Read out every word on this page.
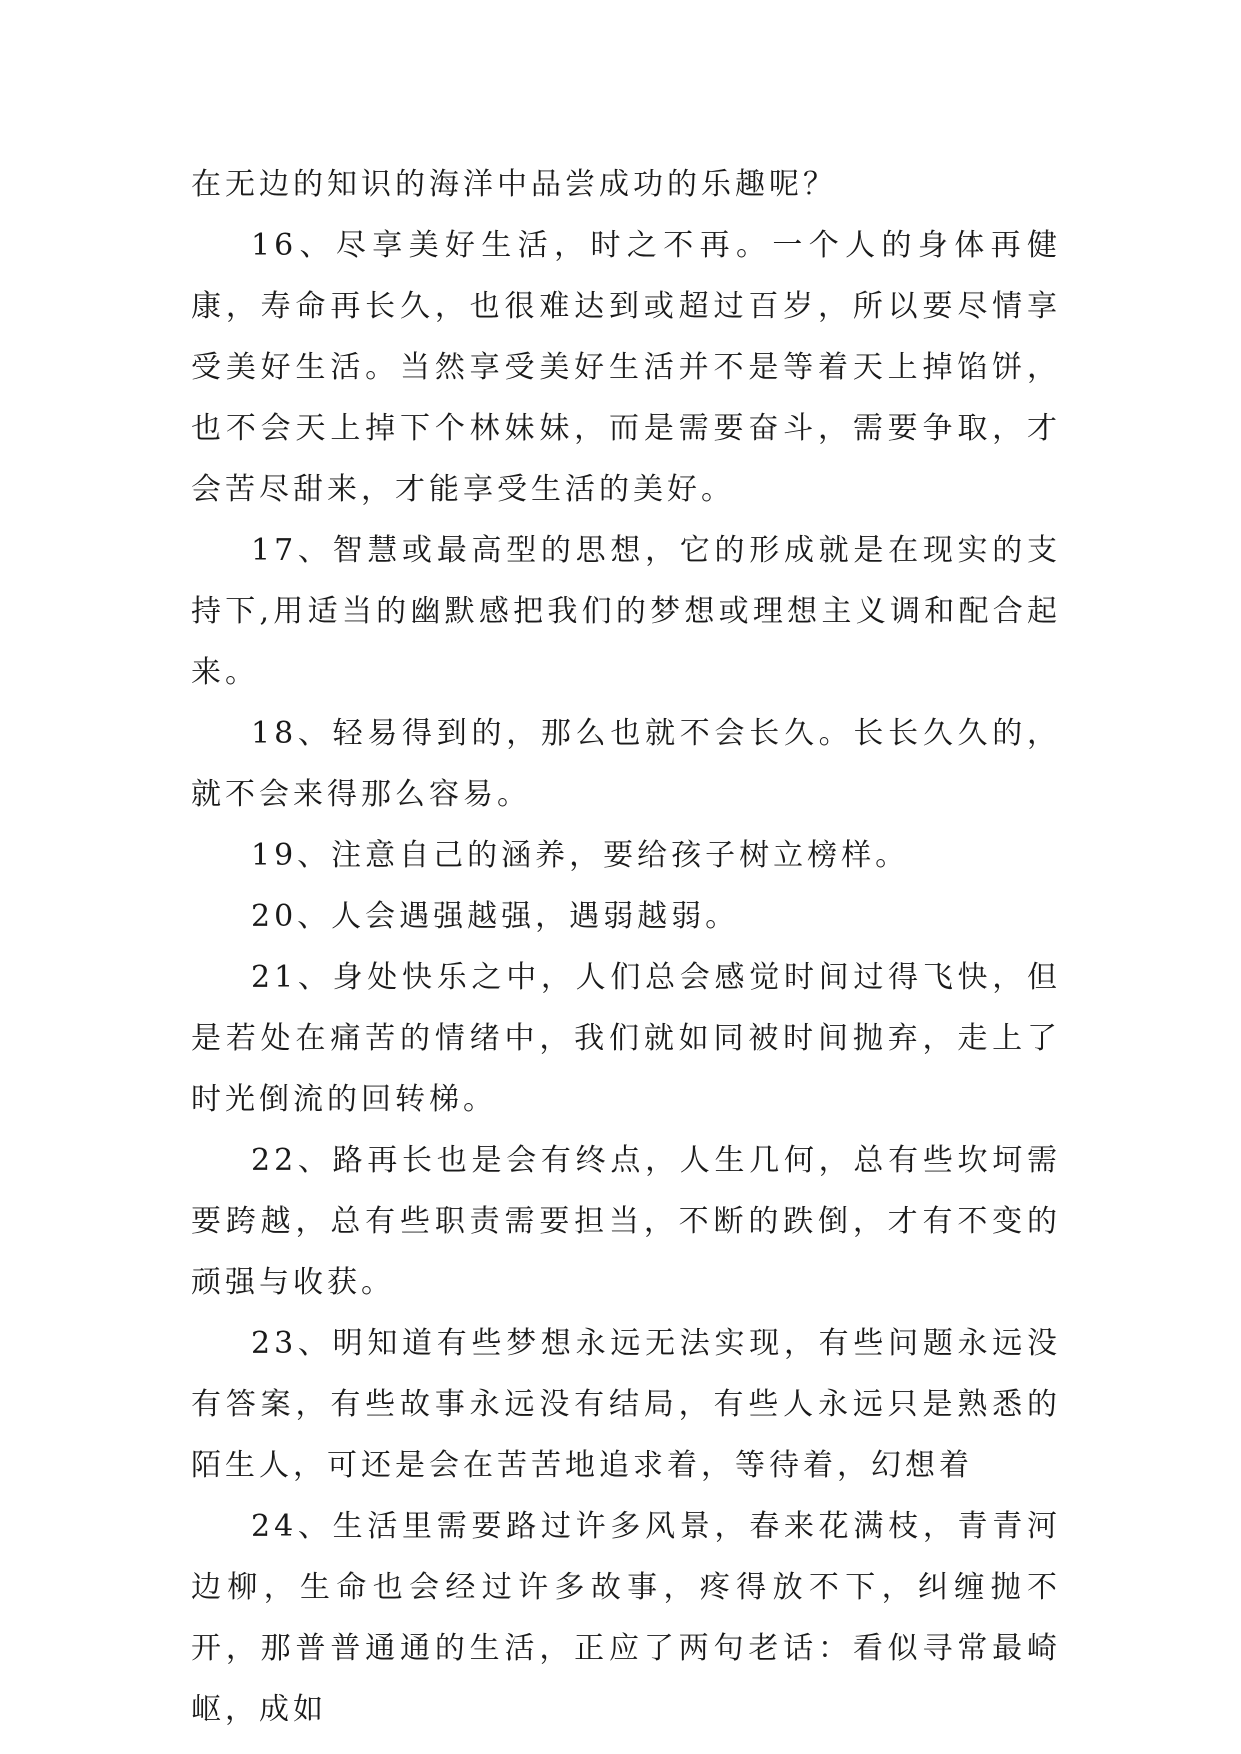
在无边的知识的海洋中品尝成功的乐趣呢？

16、尽享美好生活，时之不再。一个人的身体再健康，寿命再长久，也很难达到或超过百岁，所以要尽情享受美好生活。当然享受美好生活并不是等着天上掉馅饼，也不会天上掉下个林妹妹，而是需要奋斗，需要争取，才会苦尽甜来，才能享受生活的美好。

17、智慧或最高型的思想，它的形成就是在现实的支持下,用适当的幽默感把我们的梦想或理想主义调和配合起来。

18、轻易得到的，那么也就不会长久。长长久久的，就不会来得那么容易。

19、注意自己的涵养，要给孩子树立榜样。

20、人会遇强越强，遇弱越弱。

21、身处快乐之中，人们总会感觉时间过得飞快，但是若处在痛苦的情绪中，我们就如同被时间抛弃，走上了时光倒流的回转梯。

22、路再长也是会有终点，人生几何，总有些坎坷需要跨越，总有些职责需要担当，不断的跌倒，才有不变的顽强与收获。

23、明知道有些梦想永远无法实现，有些问题永远没有答案，有些故事永远没有结局，有些人永远只是熟悉的陌生人，可还是会在苦苦地追求着，等待着，幻想着

24、生活里需要路过许多风景，春来花满枝，青青河边柳，生命也会经过许多故事，疼得放不下，纠缠抛不开，那普普通通的生活，正应了两句老话：看似寻常最崎岖，成如
